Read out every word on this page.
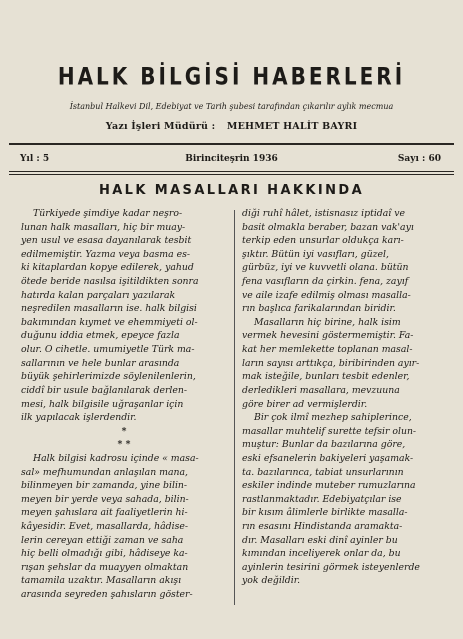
HALK BİLGİSİ HABERLERİ
İstanbul Halkevi Dil, Edebiyat ve Tarih şubesi tarafından çıkarılır aylık mecmua
Yazı İşleri Müdürü : MEHMET HALİT BAYRI
Yıl : 5	Birinciteşrin 1936	Sayı : 60
HALK MASALLARI HAKKINDA
Türkiyede şimdiye kadar neşro-
lunan halk masalları, hiç bir muay-
yen usul ve esasa dayanılarak tesbit
edilmemiştir. Yazma veya basma es-
ki kitaplardan kopye edilerek, yahud
ötede beride nasılsa işitildikten sonra
hatırda kalan parçaları yazılarak
neşredilen masalların ise. halk bilgisi
bakımından kıymet ve ehemmiyeti ol-
duğunu iddia etmek, epeyce fazla
olur. O cihetle. umumiyetle Türk ma-
sallarının ve hele bunlar arasında
büyük şehirlerimizde söylenilenlerin,
ciddî bir usule bağlanılarak derlen-
mesi, halk bilgisile uğraşanlar için
ilk yapılacak işlerdendir.
*
* *
Halk bilgisi kadrosu içinde « masa-
sal» mefhumundan anlaşılan mana,
bilinmeyen bir zamanda, yine bilin-
meyen bir yerde veya sahada, bilin-
meyen şahıslara ait faaliyetlerin hi-
kâyesidir. Evet, masallarda, hâdise-
lerin cereyan ettiği zaman ve saha
hiç belli olmadığı gibi, hâdiseye ka-
rışan şehslar da muayyen olmaktan
tamamila uzaktır. Masalların akışı
arasında seyreden şahısların göster-
diği ruhî hâlet, istisnasız iptidaî ve
basit olmakla beraber, bazan vak'ayı
terkip eden unsurlar oldukça karı-
şıktır. Bütün iyi vasıfları, güzel,
gürbüz, iyi ve kuvvetli olana. bütün
fena vasıfların da çirkin. fena, zayıf
ve aile izafe edilmiş olması masalla-
rın başlıca farikalarından biridir.
Masalların hiç birine, halk isim
vermek hevesini göstermemiştir. Fa-
kat her memlekette toplanan masal-
ların sayısı arttıkça, biribirinden ayır-
mak isteğile, bunları tesbit edenler,
derledikleri masallara, mevzuuna
göre birer ad vermişlerdir.
Bir çok ilmî mezhep sahiplerince,
masallar muhtelif surette tefsir olun-
muştur: Bunlar da bazılarına göre,
eski efsanelerin bakiyeleri yaşamak-
ta. bazılarınca, tabiat unsurlarının
eskiler indinde muteber rumuzlarına
rastlanmaktadır. Edebiyatçılar ise
bir kısım âlimlerle birlikte masalla-
rın esasını Hindistanda aramakta-
dır. Masalları eski dinî ayinler bu
kımından inceliyerek onlar da, bu
ayinlerin tesirini görmek isteyenlerde
yok değildir.
